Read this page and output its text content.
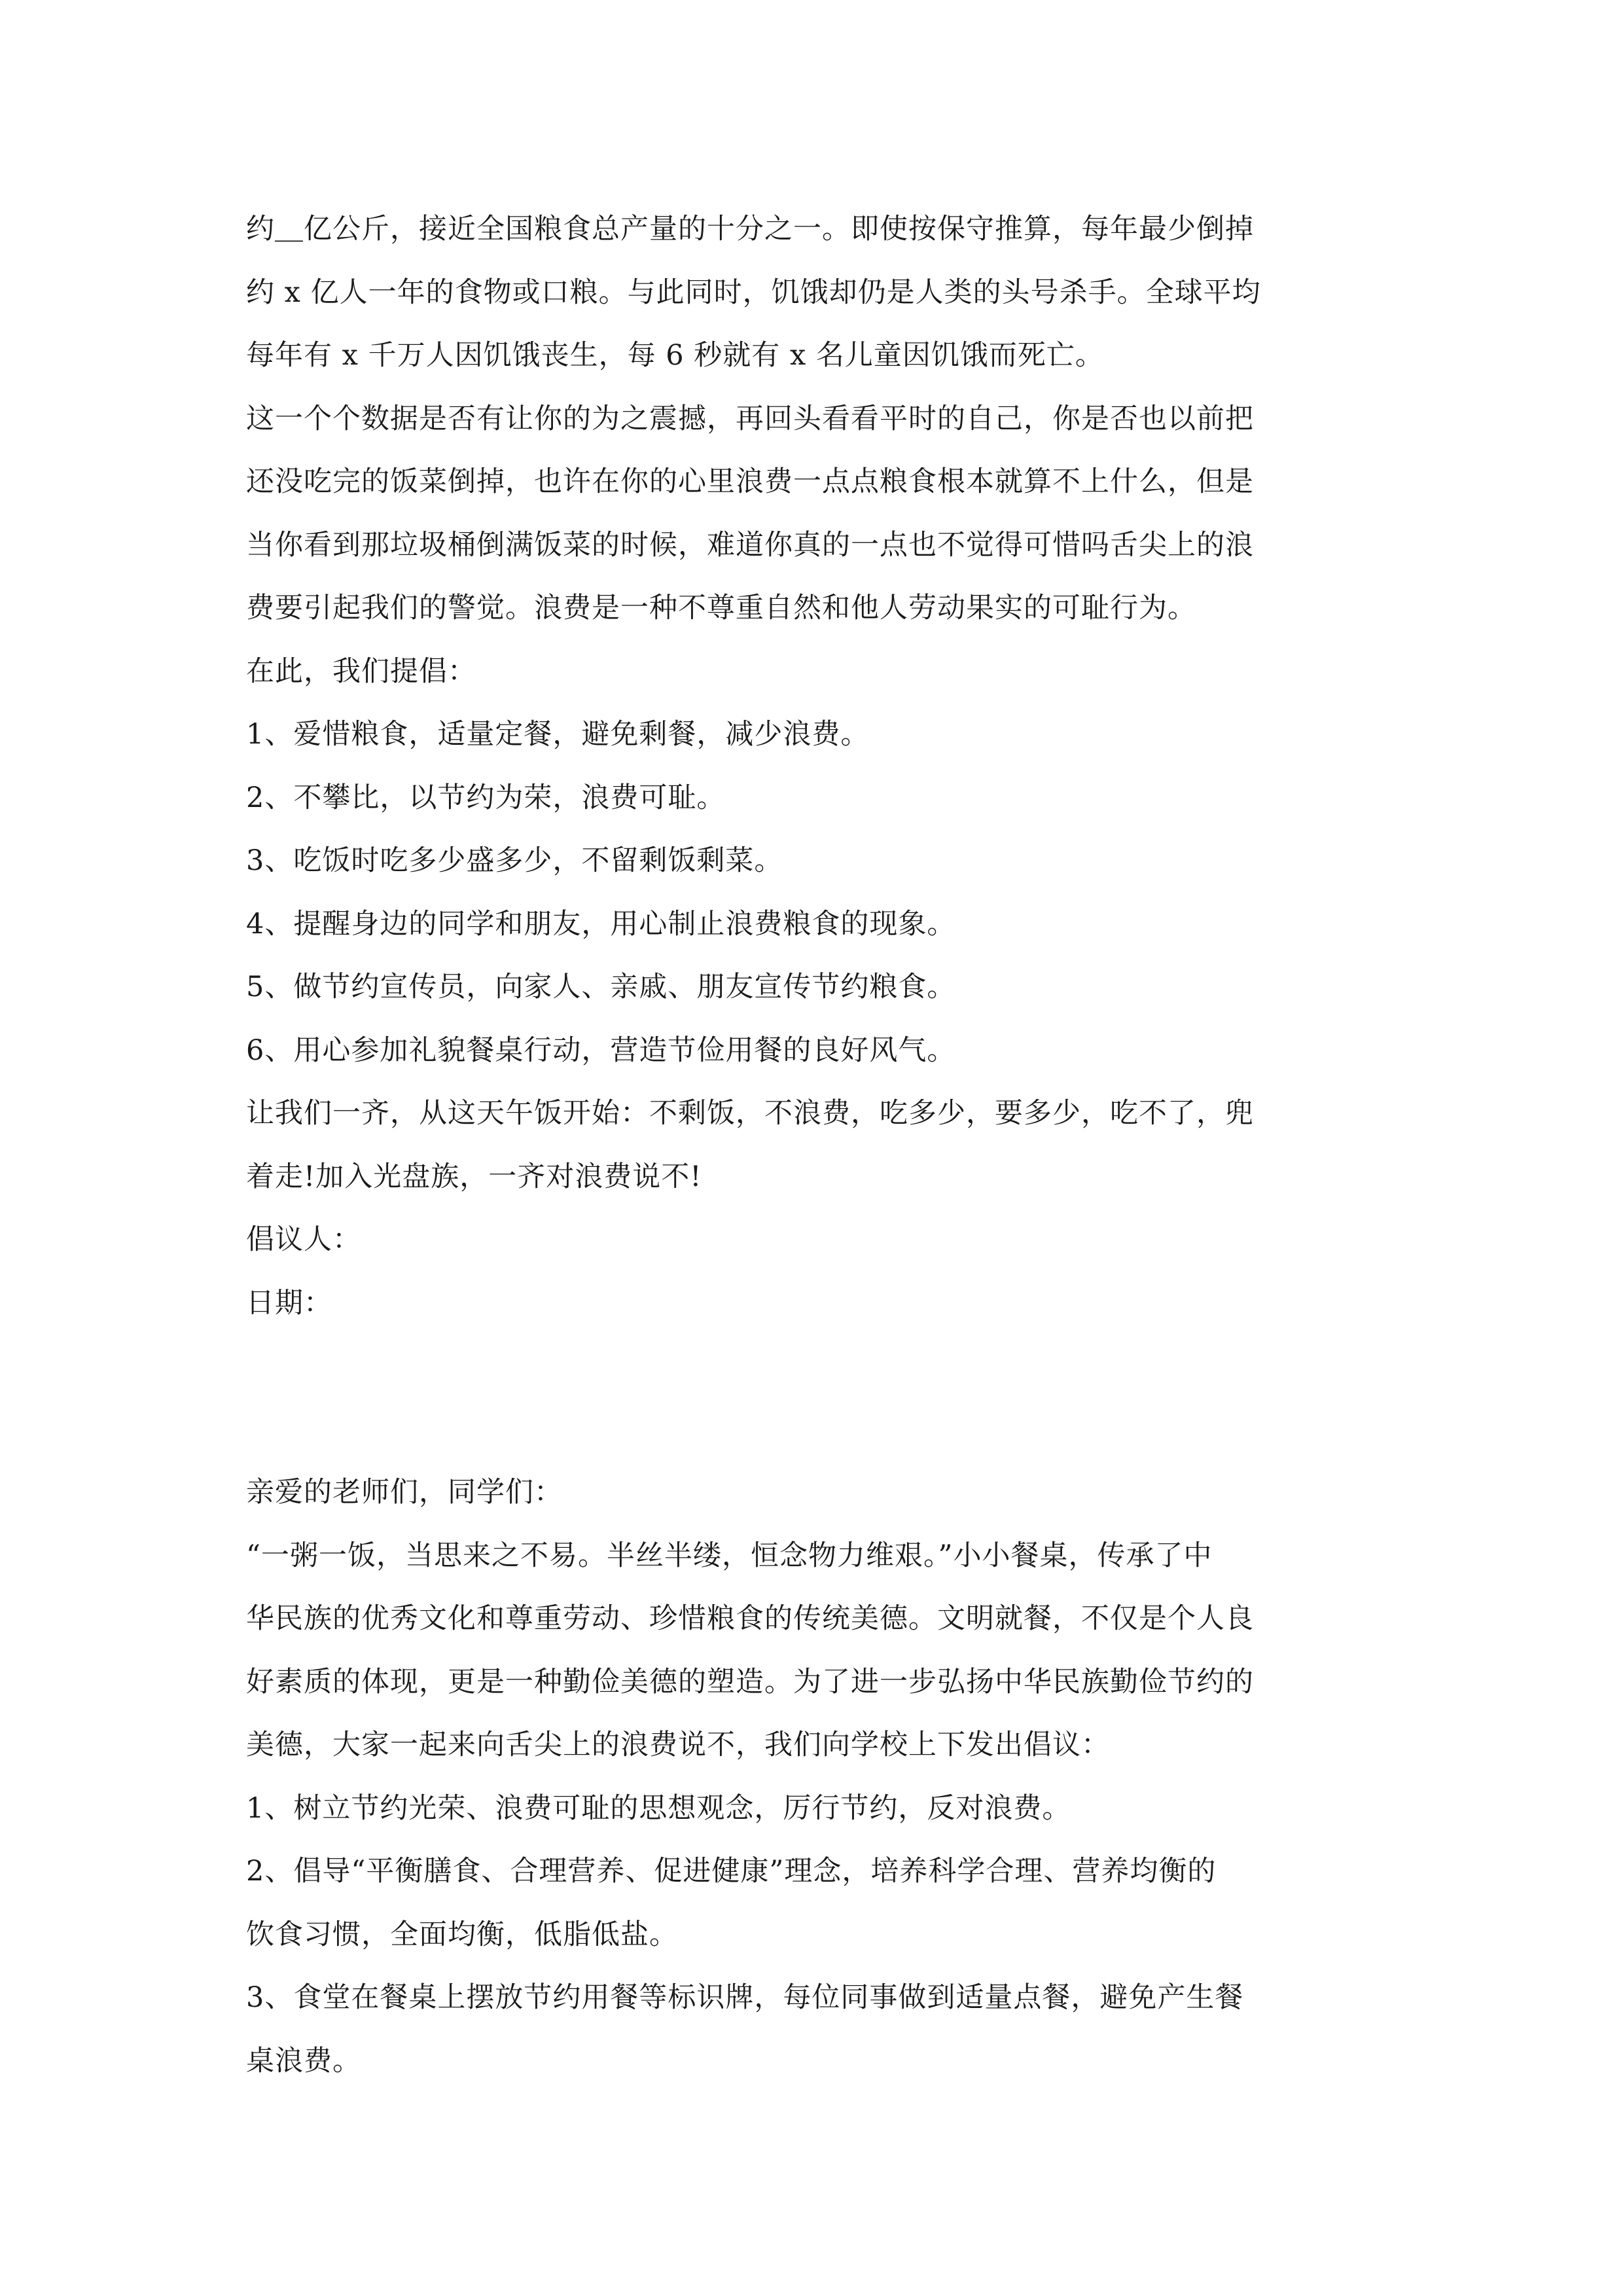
约＿亿公斤，接近全国粮食总产量的十分之一。即使按保守推算，每年最少倒掉

约 x 亿人一年的食物或口粮。与此同时，饥饿却仍是人类的头号杀手。全球平均

每年有 x 千万人因饥饿丧生，每 6 秒就有 x 名儿童因饥饿而死亡。

这一个个数据是否有让你的为之震撼，再回头看看平时的自己，你是否也以前把

还没吃完的饭菜倒掉，也许在你的心里浪费一点点粮食根本就算不上什么，但是

当你看到那垃圾桶倒满饭菜的时候，难道你真的一点也不觉得可惜吗舌尖上的浪

费要引起我们的警觉。浪费是一种不尊重自然和他人劳动果实的可耻行为。

在此，我们提倡：

1、爱惜粮食，适量定餐，避免剩餐，减少浪费。

2、不攀比，以节约为荣，浪费可耻。

3、吃饭时吃多少盛多少，不留剩饭剩菜。

4、提醒身边的同学和朋友，用心制止浪费粮食的现象。

5、做节约宣传员，向家人、亲戚、朋友宣传节约粮食。

6、用心参加礼貌餐桌行动，营造节俭用餐的良好风气。

让我们一齐，从这天午饭开始：不剩饭，不浪费，吃多少，要多少，吃不了，兜

着走!加入光盘族，一齐对浪费说不!

倡议人：

日期：

亲爱的老师们，同学们：

“一粥一饭，当思来之不易。半丝半缕，恒念物力维艰。”小小餐桌，传承了中

华民族的优秀文化和尊重劳动、珍惜粮食的传统美德。文明就餐，不仅是个人良

好素质的体现，更是一种勤俭美德的塑造。为了进一步弘扬中华民族勤俭节约的

美德，大家一起来向舌尖上的浪费说不，我们向学校上下发出倡议：

1、树立节约光荣、浪费可耻的思想观念，厉行节约，反对浪费。

2、倡导“平衡膳食、合理营养、促进健康”理念，培养科学合理、营养均衡的

饮食习惯，全面均衡，低脂低盐。

3、食堂在餐桌上摆放节约用餐等标识牌，每位同事做到适量点餐，避免产生餐

桌浪费。
